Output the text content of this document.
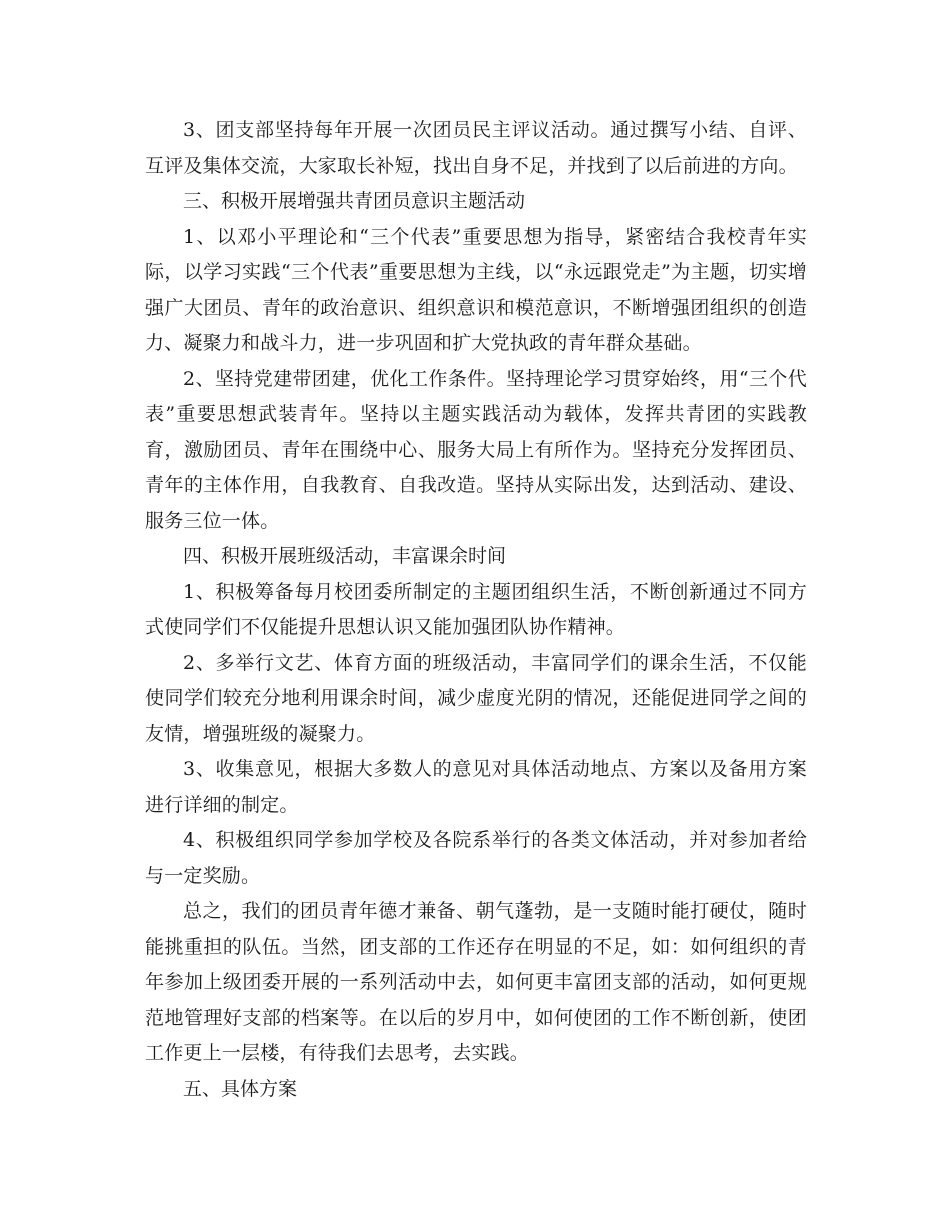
3、团支部坚持每年开展一次团员民主评议活动。通过撰写小结、自评、互评及集体交流，大家取长补短，找出自身不足，并找到了以后前进的方向。

三、积极开展增强共青团员意识主题活动

1、以邓小平理论和“三个代表”重要思想为指导，紧密结合我校青年实际，以学习实践“三个代表”重要思想为主线，以“永远跟党走”为主题，切实增强广大团员、青年的政治意识、组织意识和模范意识，不断增强团组织的创造力、凝聚力和战斗力，进一步巩固和扩大党执政的青年群众基础。

2、坚持党建带团建，优化工作条件。坚持理论学习贯穿始终，用“三个代表”重要思想武装青年。坚持以主题实践活动为载体，发挥共青团的实践教育，激励团员、青年在围绕中心、服务大局上有所作为。坚持充分发挥团员、青年的主体作用，自我教育、自我改造。坚持从实际出发，达到活动、建设、服务三位一体。

四、积极开展班级活动，丰富课余时间

1、积极筹备每月校团委所制定的主题团组织生活，不断创新通过不同方式使同学们不仅能提升思想认识又能加强团队协作精神。

2、多举行文艺、体育方面的班级活动，丰富同学们的课余生活，不仅能使同学们较充分地利用课余时间，减少虚度光阴的情况，还能促进同学之间的友情，增强班级的凝聚力。

3、收集意见，根据大多数人的意见对具体活动地点、方案以及备用方案进行详细的制定。

4、积极组织同学参加学校及各院系举行的各类文体活动，并对参加者给与一定奖励。

总之，我们的团员青年德才兼备、朝气蓬勃，是一支随时能打硬仗，随时能挑重担的队伍。当然，团支部的工作还存在明显的不足，如：如何组织的青年参加上级团委开展的一系列活动中去，如何更丰富团支部的活动，如何更规范地管理好支部的档案等。在以后的岁月中，如何使团的工作不断创新，使团工作更上一层楼，有待我们去思考，去实践。

五、具体方案
